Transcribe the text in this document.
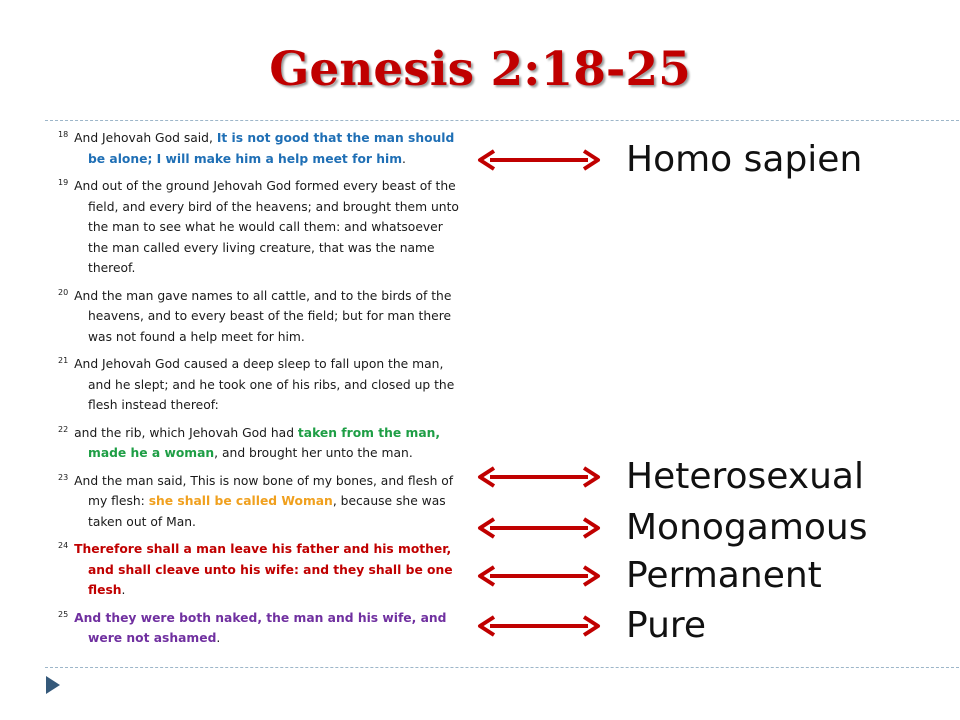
Genesis 2:18-25

$^{18}$ And Jehovah God said, It is not good that the man should be alone; I will make him a help meet for him.

$^{19}$ And out of the ground Jehovah God formed every beast of the field, and every bird of the heavens; and brought them unto the man to see what he would call them: and whatsoever the man called every living creature, that was the name thereof.

$^{20}$ And the man gave names to all cattle, and to the birds of the heavens, and to every beast of the field; but for man there was not found a help meet for him.

$^{21}$ And Jehovah God caused a deep sleep to fall upon the man, and he slept; and he took one of his ribs, and closed up the flesh instead thereof:

$^{22}$ and the rib, which Jehovah God had taken from the man, made he a woman, and brought her unto the man.

$^{23}$ And the man said, This is now bone of my bones, and flesh of my flesh: she shall be called Woman, because she was taken out of Man.

$^{24}$ Therefore shall a man leave his father and his mother, and shall cleave unto his wife: and they shall be one flesh.

$^{25}$ And they were both naked, the man and his wife, and were not ashamed.

Homo sapien
Heterosexual
Monogamous
Permanent
Pure
